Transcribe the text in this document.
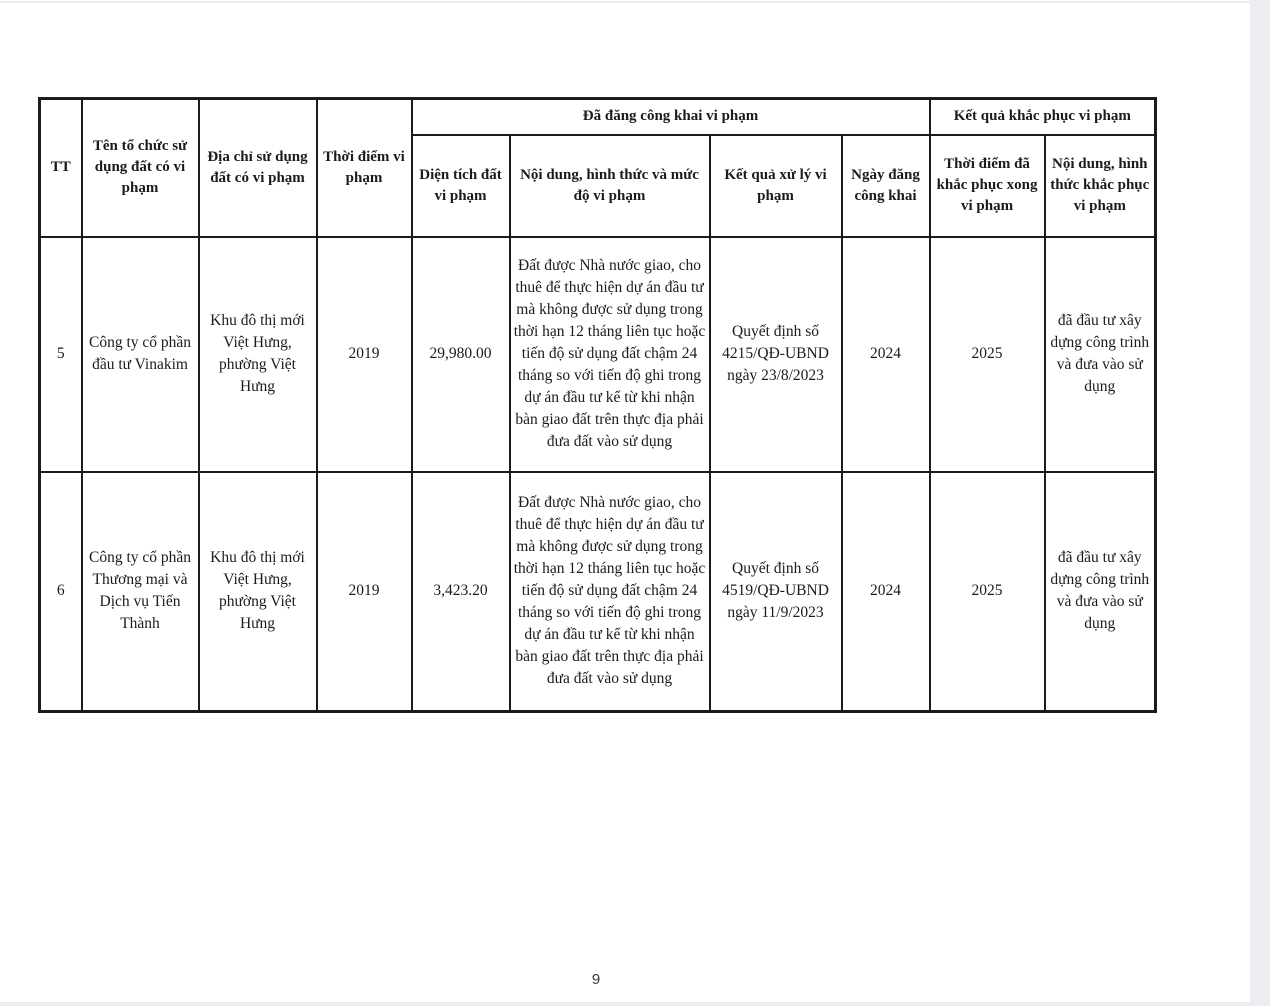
TT	Tên tổ chức sử dụng đất có vi phạm	Địa chỉ sử dụng đất có vi phạm	Thời điểm vi phạm	Đã đăng công khai vi phạm				Kết quả khắc phục vi phạm	
				Diện tích đất vi phạm	Nội dung, hình thức và mức độ vi phạm	Kết quả xử lý vi phạm	Ngày đăng công khai	Thời điểm đã khắc phục xong vi phạm	Nội dung, hình thức khắc phục vi phạm
5	Công ty cổ phần đầu tư Vinakim	Khu đô thị mới Việt Hưng, phường Việt Hưng	2019	29,980.00	Đất được Nhà nước giao, cho thuê để thực hiện dự án đầu tư mà không được sử dụng trong thời hạn 12 tháng liên tục hoặc tiến độ sử dụng đất chậm 24 tháng so với tiến độ ghi trong dự án đầu tư kể từ khi nhận bàn giao đất trên thực địa phải đưa đất vào sử dụng	Quyết định số 4215/QĐ-UBND ngày 23/8/2023	2024	2025	đã đầu tư xây dựng công trình và đưa vào sử dụng
6	Công ty cổ phần Thương mại và Dịch vụ Tiến Thành	Khu đô thị mới Việt Hưng, phường Việt Hưng	2019	3,423.20	Đất được Nhà nước giao, cho thuê để thực hiện dự án đầu tư mà không được sử dụng trong thời hạn 12 tháng liên tục hoặc tiến độ sử dụng đất chậm 24 tháng so với tiến độ ghi trong dự án đầu tư kể từ khi nhận bàn giao đất trên thực địa phải đưa đất vào sử dụng	Quyết định số 4519/QĐ-UBND ngày 11/9/2023	2024	2025	đã đầu tư xây dựng công trình và đưa vào sử dụng
9
